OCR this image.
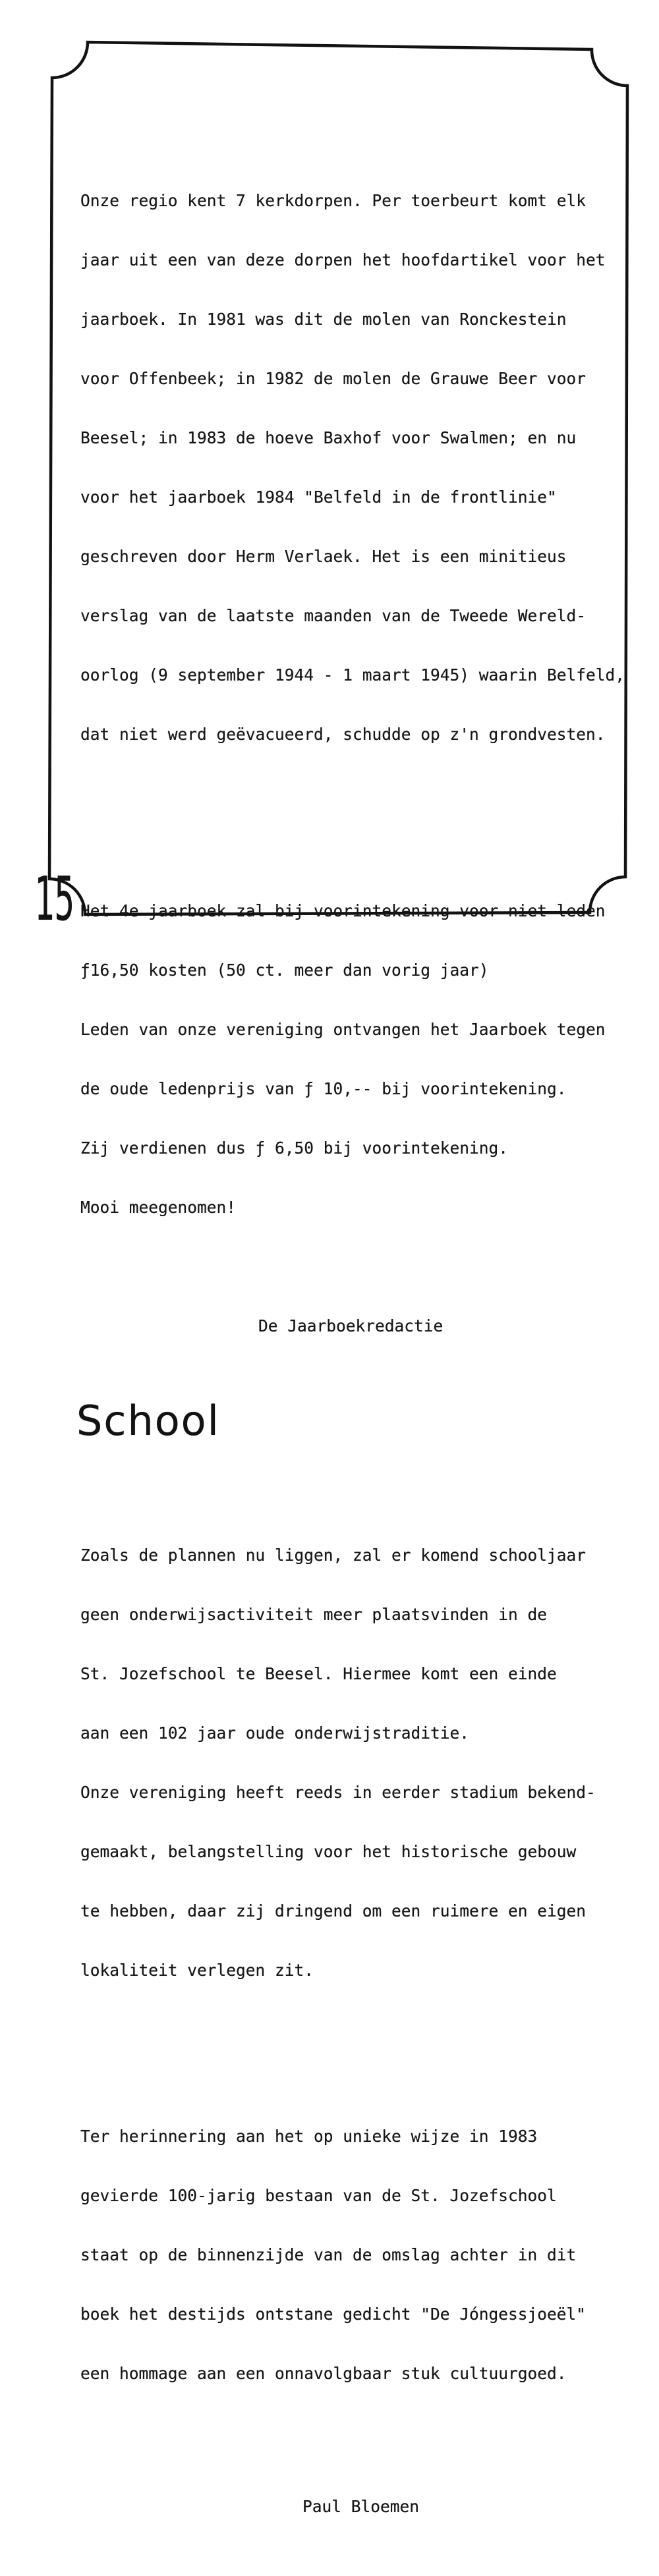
Onze regio kent 7 kerkdorpen. Per toerbeurt komt elk

jaar uit een van deze dorpen het hoofdartikel voor het

jaarboek. In 1981 was dit de molen van Ronckestein

voor Offenbeek; in 1982 de molen de Grauwe Beer voor

Beesel; in 1983 de hoeve Baxhof voor Swalmen; en nu

voor het jaarboek 1984 "Belfeld in de frontlinie"

geschreven door Herm Verlaek. Het is een minitieus

verslag van de laatste maanden van de Tweede Wereld-

oorlog (9 september 1944 - 1 maart 1945) waarin Belfeld,

dat niet werd geëvacueerd, schudde op z'n grondvesten.

Het 4e jaarboek zal bij voorintekening voor niet-leden

ƒ16,50 kosten (50 ct. meer dan vorig jaar)

Leden van onze vereniging ontvangen het Jaarboek tegen

de oude ledenprijs van ƒ 10,-- bij voorintekening.

Zij verdienen dus ƒ 6,50 bij voorintekening.

Mooi meegenomen!

De Jaarboekredactie

School

Zoals de plannen nu liggen, zal er komend schooljaar

geen onderwijsactiviteit meer plaatsvinden in de

St. Jozefschool te Beesel. Hiermee komt een einde

aan een 102 jaar oude onderwijstraditie.

Onze vereniging heeft reeds in eerder stadium bekend-

gemaakt, belangstelling voor het historische gebouw

te hebben, daar zij dringend om een ruimere en eigen

lokaliteit verlegen zit.

Ter herinnering aan het op unieke wijze in 1983

gevierde 100-jarig bestaan van de St. Jozefschool

staat op de binnenzijde van de omslag achter in dit

boek het destijds ontstane gedicht "De Jóngessjoeël"

een hommage aan een onnavolgbaar stuk cultuurgoed.

Paul Bloemen

15
